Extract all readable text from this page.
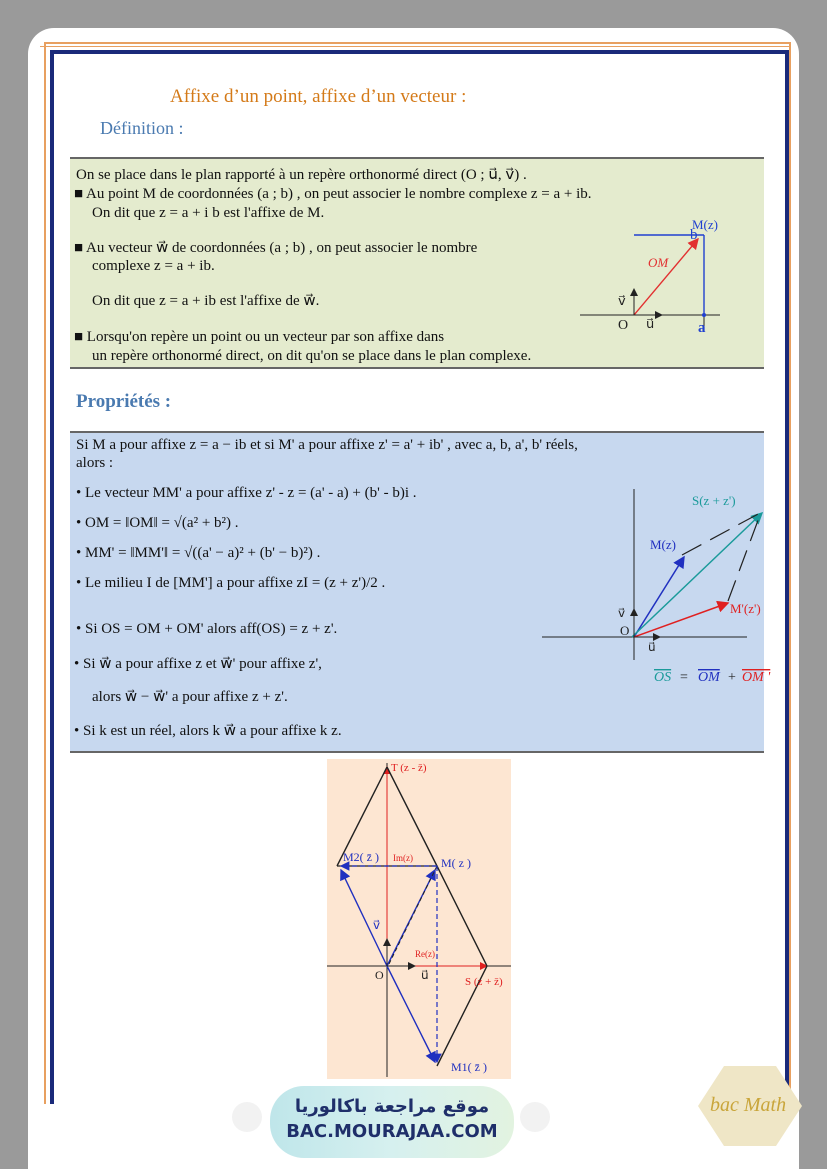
Affixe d’un point, affixe d’un vecteur :
Définition :
On se place dans le plan rapporté à un repère orthonormé direct (O ; u⃗, v⃗) .
■ Au point M de coordonnées (a ; b) , on peut associer le nombre complexe z = a + ib.
On dit que z = a + i b est l'affixe de M.
■ Au vecteur w⃗ de coordonnées (a ; b) , on peut associer le nombre
complexe z = a + ib.
On dit que z = a + ib est l'affixe de w⃗.
■ Lorsqu'on repère un point ou un vecteur par son affixe dans
un repère orthonormé direct, on dit qu'on se place dans le plan complexe.
b
a
M(z)
O
OM
v⃗
u⃗
Propriétés :
Si M a pour affixe z = a − ib et si M' a pour affixe z' = a' + ib' , avec a, b, a', b' réels,
alors :
• Le vecteur MM' a pour affixe z' - z = (a' - a) + (b' - b)i .
• OM = ‖OM‖ = √(a² + b²) .
• MM' = ‖MM'‖ = √((a' − a)² + (b' − b)²) .
• Le milieu I de [MM'] a pour affixe zI = (z + z')/2 .
• Si OS = OM + OM' alors aff(OS) = z + z'.
• Si w⃗ a pour affixe z et w⃗' pour affixe z',
alors w⃗ − w⃗' a pour affixe z + z'.
• Si k est un réel, alors k w⃗ a pour affixe k z.
S(z + z')
M(z)
M'(z')
O
v⃗
u⃗
OS = OM + OM '
T (z - z̄)
M2( z̄ ) Im(z) M( z )
v⃗
Re(z)
O	u⃗	S (z + z̄)
M1( z̄ )
موقع مراجعة باكالوريا
BAC.MOURAJAA.COM
bac Math
